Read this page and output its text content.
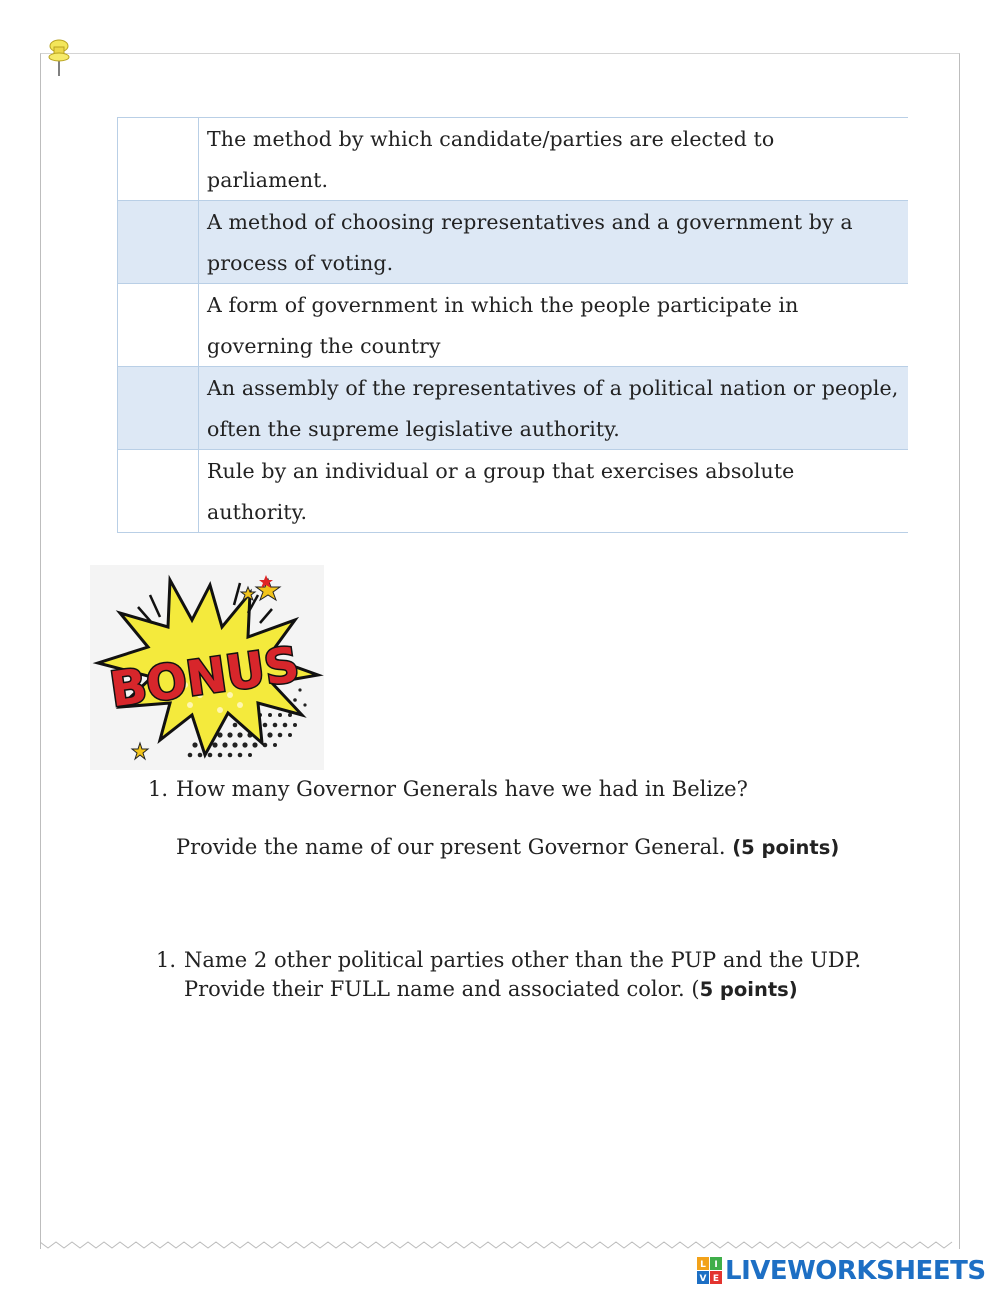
	The method by which candidate/parties are elected to parliament.
	A method of choosing representatives and a government by a process of voting.
	A form of government in which the people participate in governing the country
	An assembly of the representatives of a political nation or people, often the supreme legislative authority.
	Rule by an individual or a group that exercises absolute authority.
BONUS
1. How many Governor Generals have we had in Belize?
Provide the name of our present Governor General. (5 points)
1. Name 2 other political parties other than the PUP and the UDP. Provide their FULL name and associated color. (5 points)
L I
V E LIVEWORKSHEETS
